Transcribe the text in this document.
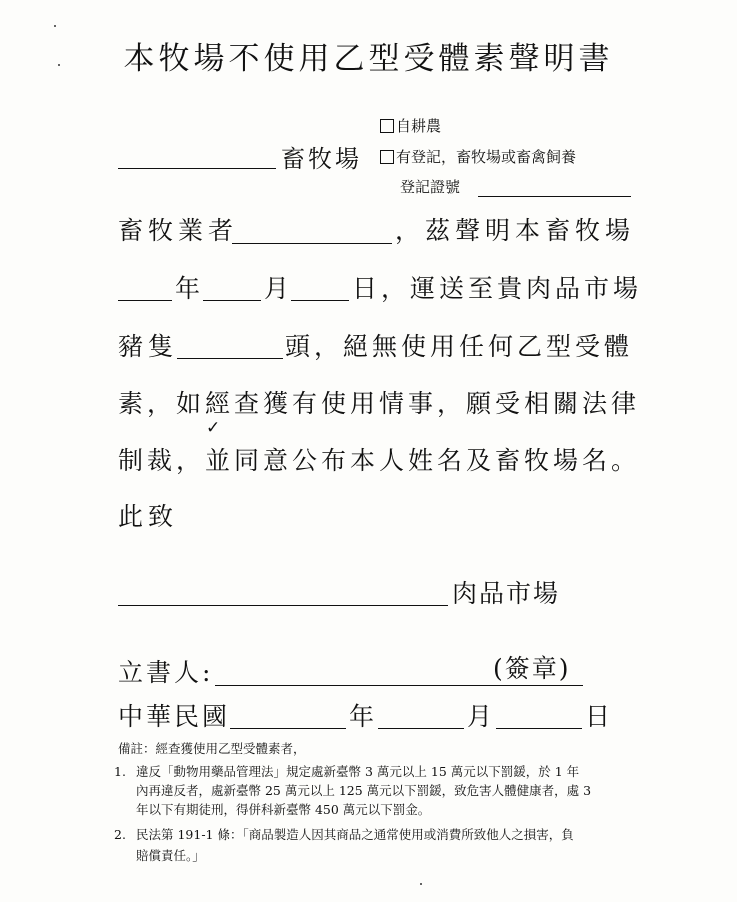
本牧場不使用乙型受體素聲明書
自耕農
畜牧場	有登記，畜牧場或畜禽飼養
登記證號
畜牧業者	，茲聲明本畜牧場
年 月 日，運送至貴肉品市場
豬隻	頭，絕無使用任何乙型受體
素，如經查獲有使用情事，願受相關法律
✓
制裁，並同意公布本人姓名及畜牧場名。
此致
肉品市場
立書人:	(簽章)
中華民國	年	月	日
備註：經查獲使用乙型受體素者，
1. 違反「動物用藥品管理法」規定處新臺幣 3 萬元以上 15 萬元以下罰鍰，於 1 年
內再違反者，處新臺幣 25 萬元以上 125 萬元以下罰鍰，致危害人體健康者，處 3
年以下有期徒刑，得併科新臺幣 450 萬元以下罰金。
2. 民法第 191-1 條：「商品製造人因其商品之通常使用或消費所致他人之損害，負
賠償責任。」
